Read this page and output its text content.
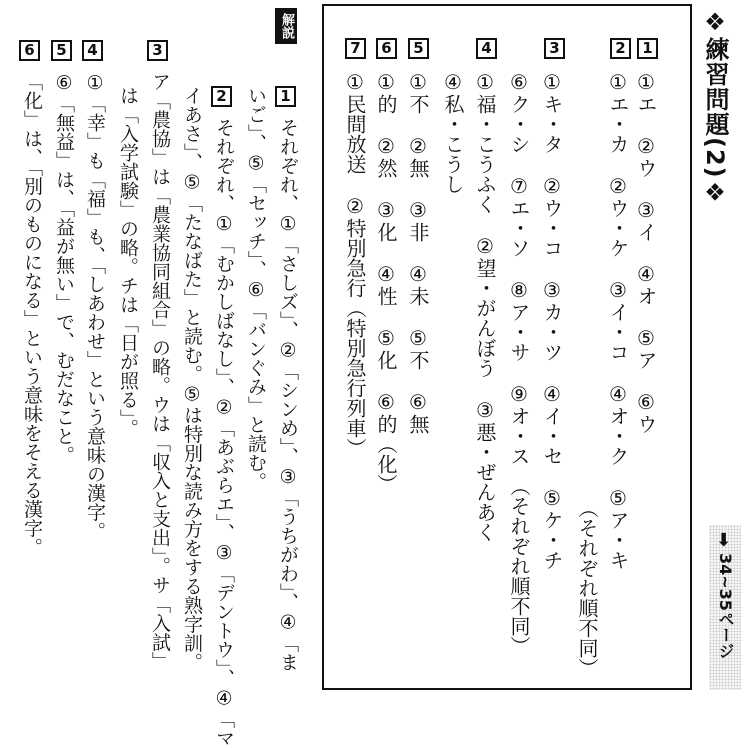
❖練習問題(2)❖
⬇
34~35ページ
1
①エ　②ウ　③イ　④オ　⑤ア　⑥ウ
2
①エ・カ　②ウ・ケ　③イ・コ　④オ・ク　⑤ア・キ
（それぞれ順不同）
3
①キ・タ　②ウ・コ　③カ・ツ　④イ・セ　⑤ケ・チ
⑥ク・シ　⑦エ・ソ　⑧ア・サ　⑨オ・ス　（それぞれ順不同）
4
①福・こうふく　②望・がんぼう　③悪・ぜんあく
④私・こうし
5
6
7
①不　②無　③非　④未　⑤不　⑥無
①的　②然　③化　④性　⑤化　⑥的（化）
①民間放送　②特別急行（特別急行列車）
解説
1
それぞれ、①「さしズ」、②「シンめ」、③「うちがわ」、④「ま
いご」、⑤「セッチ」、⑥「バンぐみ」と読む。
2
それぞれ、①「むかしばなし」、②「あぶらエ」、③「デントウ」、④「マ
イあさ」、⑤「たなばた」と読む。⑤は特別な読み方をする熟字訓。
3
ア「農協」は「農業協同組合」の略。ウは「収入と支出」。サ「入試」
は「入学試験」の略。チは「日が照る」。
4
5
6
①「幸」も「福」も、「しあわせ」という意味の漢字。
⑥「無益」は、「益が無い」で、むだなこと。
「化」は、「別のものになる」という意味をそえる漢字。
